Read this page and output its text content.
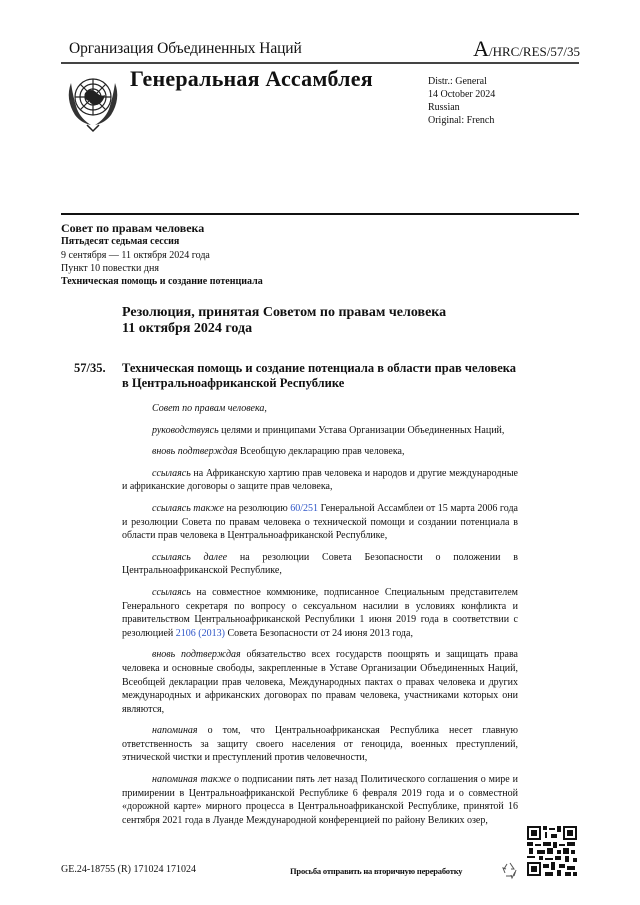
Организация Объединенных Наций	A/HRC/RES/57/35
Генеральная Ассамблея	Distr.: General
14 October 2024
Russian
Original: French
Совет по правам человека
Пятьдесят седьмая сессия
9 сентября — 11 октября 2024 года
Пункт 10 повестки дня
Техническая помощь и создание потенциала
Резолюция, принятая Советом по правам человека
11 октября 2024 года
57/35. Техническая помощь и создание потенциала в области прав человека в Центральноафриканской Республике

Совет по правам человека,

руководствуясь целями и принципами Устава Организации Объединенных Наций,

вновь подтверждая Всеобщую декларацию прав человека,

ссылаясь на Африканскую хартию прав человека и народов и другие международные и африканские договоры о защите прав человека,

ссылаясь также на резолюцию 60/251 Генеральной Ассамблеи от 15 марта 2006 года и резолюции Совета по правам человека о технической помощи и создании потенциала в области прав человека в Центральноафриканской Республике,

ссылаясь далее на резолюции Совета Безопасности о положении в Центральноафриканской Республике,

ссылаясь на совместное коммюнике, подписанное Специальным представителем Генерального секретаря по вопросу о сексуальном насилии в условиях конфликта и правительством Центральноафриканской Республики 1 июня 2019 года в соответствии с резолюцией 2106 (2013) Совета Безопасности от 24 июня 2013 года,

вновь подтверждая обязательство всех государств поощрять и защищать права человека и основные свободы, закрепленные в Уставе Организации Объединенных Наций, Всеобщей декларации прав человека, Международных пактах о правах человека и других международных и африканских договорах по правам человека, участниками которых они являются,

напоминая о том, что Центральноафриканская Республика несет главную ответственность за защиту своего населения от геноцида, военных преступлений, этнической чистки и преступлений против человечности,

напоминая также о подписании пять лет назад Политического соглашения о мире и примирении в Центральноафриканской Республике 6 февраля 2019 года и о совместной «дорожной карте» мирного процесса в Центральноафриканской Республике, принятой 16 сентября 2021 года в Луанде Международной конференцией по району Великих озер,

GE.24-18755 (R) 171024 171024	Просьба отправить на вторичную переработку
